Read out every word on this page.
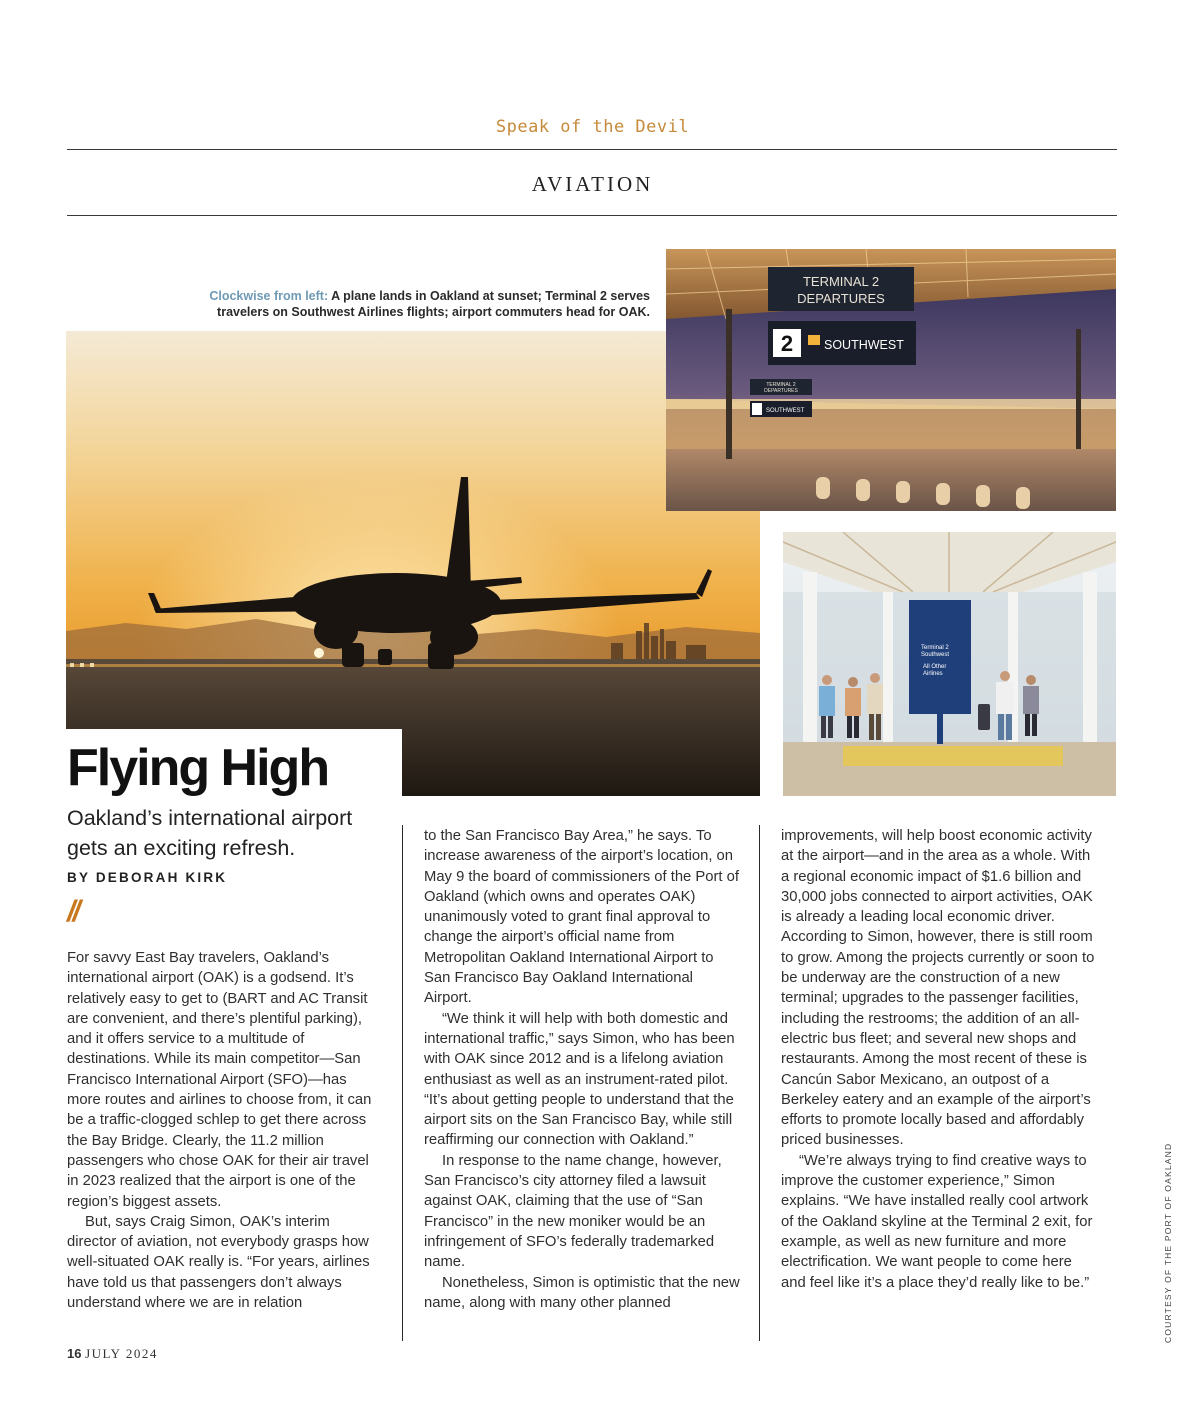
Speak of the Devil
AVIATION
Clockwise from left: A plane lands in Oakland at sunset; Terminal 2 serves travelers on Southwest Airlines flights; airport commuters head for OAK.
TERMINAL 2
DEPARTURES
2 SOUTHWEST
TERMINAL 2
DEPARTURES
SOUTHWEST
Terminal 2
Southwest
All Other
Airlines
Flying High
Oakland’s international airport gets an exciting refresh.
BY DEBORAH KIRK
//

For savvy East Bay travelers, Oakland’s international airport (OAK) is a godsend. It’s relatively easy to get to (BART and AC Transit are convenient, and there’s plentiful parking), and it offers service to a multitude of destinations. While its main competitor—San Francisco International Airport (SFO)—has more routes and airlines to choose from, it can be a traffic-clogged schlep to get there across the Bay Bridge. Clearly, the 11.2 million passengers who chose OAK for their air travel in 2023 realized that the airport is one of the region’s biggest assets.

But, says Craig Simon, OAK’s interim director of aviation, not everybody grasps how well-situated OAK really is. “For years, airlines have told us that passengers don’t always understand where we are in relation

to the San Francisco Bay Area,” he says. To increase awareness of the airport’s location, on May 9 the board of commissioners of the Port of Oakland (which owns and operates OAK) unanimously voted to grant final approval to change the airport’s official name from Metropolitan Oakland International Airport to San Francisco Bay Oakland International Airport.

“We think it will help with both domestic and international traffic,” says Simon, who has been with OAK since 2012 and is a lifelong aviation enthusiast as well as an instrument-rated pilot. “It’s about getting people to understand that the airport sits on the San Francisco Bay, while still reaffirming our connection with Oakland.”

In response to the name change, however, San Francisco’s city attorney filed a lawsuit against OAK, claiming that the use of “San Francisco” in the new moniker would be an infringement of SFO’s federally trademarked name.

Nonetheless, Simon is optimistic that the new name, along with many other planned

improvements, will help boost economic activity at the airport—and in the area as a whole. With a regional economic impact of $1.6 billion and 30,000 jobs connected to airport activities, OAK is already a leading local economic driver. According to Simon, however, there is still room to grow. Among the projects currently or soon to be underway are the construction of a new terminal; upgrades to the passenger facilities, including the restrooms; the addition of an all-electric bus fleet; and several new shops and restaurants. Among the most recent of these is Cancún Sabor Mexicano, an outpost of a Berkeley eatery and an example of the airport’s efforts to promote locally based and affordably priced businesses.

“We’re always trying to find creative ways to improve the customer experience,” Simon explains. “We have installed really cool artwork of the Oakland skyline at the Terminal 2 exit, for example, as well as new furniture and more electrification. We want people to come here and feel like it’s a place they’d really like to be.”	COURTESY OF THE PORT OF OAKLAND
16 JULY 2024
